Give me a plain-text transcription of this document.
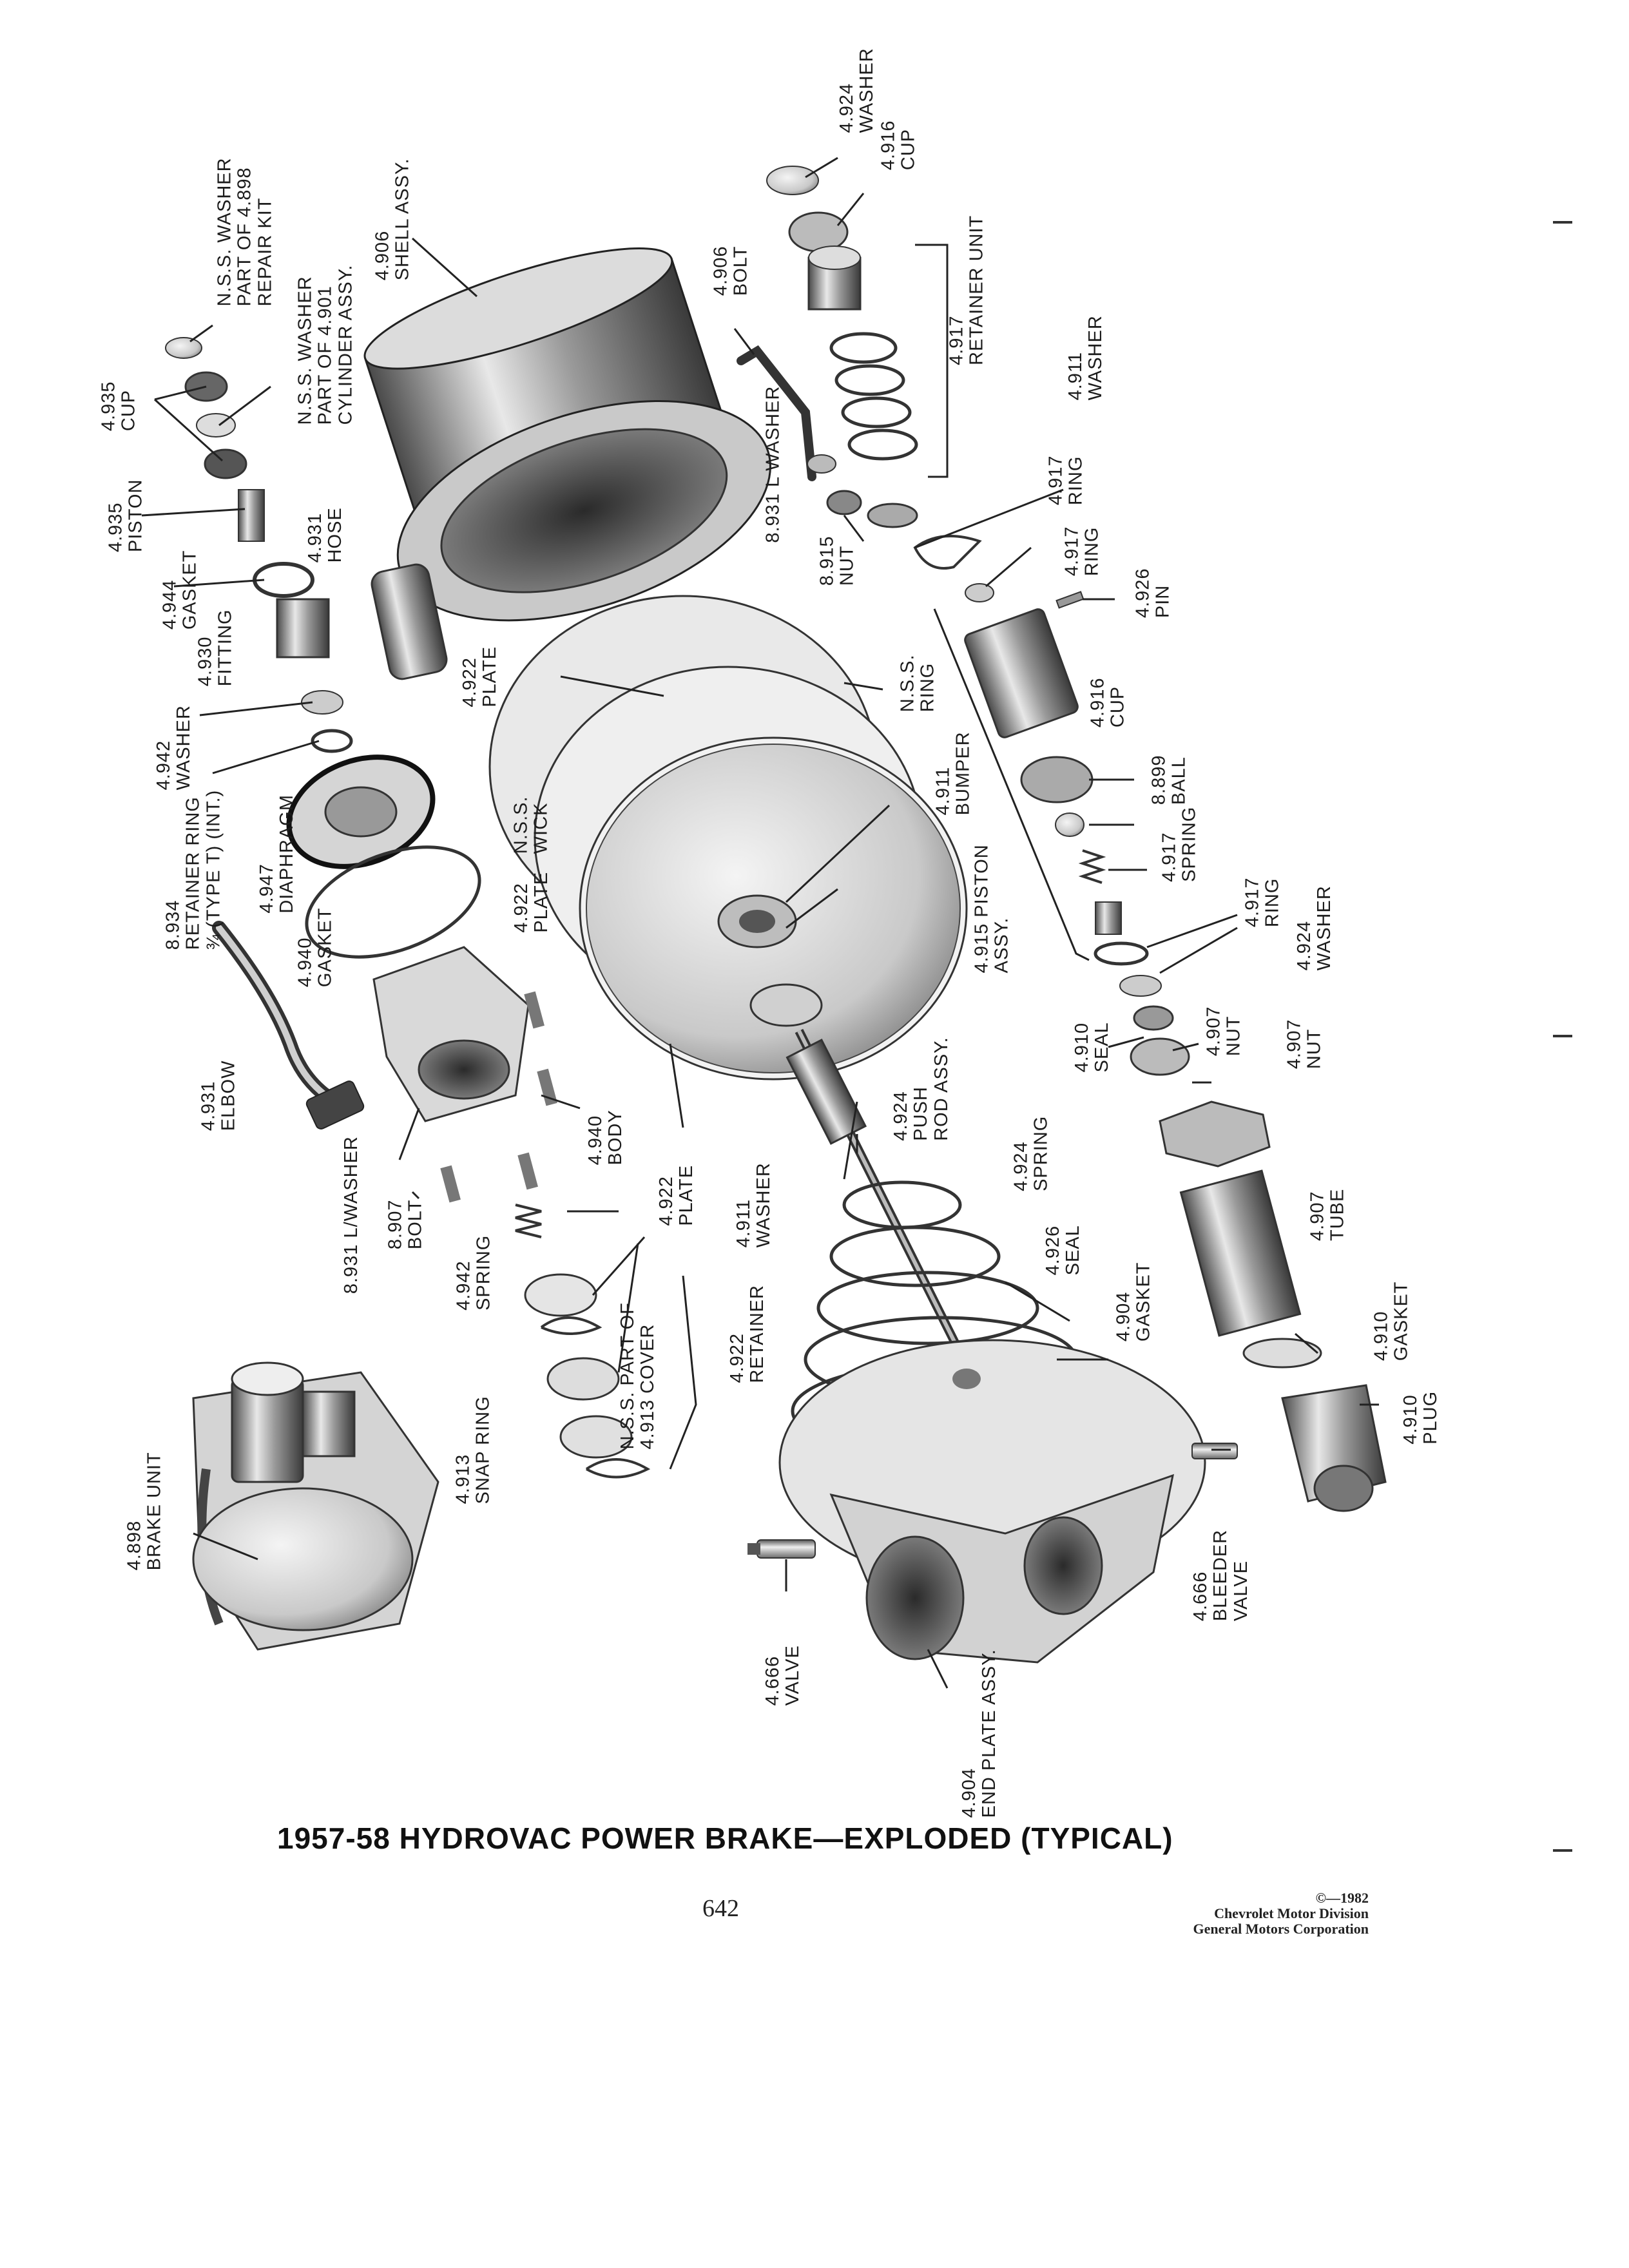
4.924
WASHER
4.916
CUP
4.917
RETAINER UNIT
4.906
BOLT
4.906
SHELL ASSY.
N.S.S. WASHER
PART OF 4.898
REPAIR KIT
N.S.S. WASHER
PART OF 4.901
CYLINDER ASSY.
4.935
CUP
4.935
PISTON
4.944
GASKET
4.930
FITTING
4.931
HOSE	8.931 L WASHER
8.915
NUT
4.911
WASHER
4.917
RING
4.917
RING
4.926
PIN
4.922
PLATE	N.S.S.
RING
4.942
WASHER
8.934
RETAINER RING
¾ (TYPE T) (INT.)
4.947
DIAPHRAGM	N.S.S.
WICK
4.922
PLATE
4.911
BUMPER
4.916
CUP
8.899
BALL
4.917
SPRING
4.915 PISTON
ASSY.
4.940
GASKET
4.917
RING
4.924
WASHER
4.931
ELBOW
4.910
SEAL	4.907
NUT 4.907
NUT
4.924
PUSH
ROD ASSY.
4.940
BODY
8.931 L/WASHER 8.907
BOLT	4.922
PLATE 4.911
WASHER	4.924
SPRING
4.907
TUBE
4.926
SEAL
4.942
SPRING
4.904
GASKET
N.S.S. PART OF
4.913 COVER	4.922
RETAINER	4.910
GASKET
4.913
SNAP RING	4.910
PLUG
4.898
BRAKE UNIT
4.666
BLEEDER
VALVE
4.666
VALVE
4.904
END PLATE ASSY.
1957-58 HYDROVAC POWER BRAKE—EXPLODED (TYPICAL)
642	©—1982
Chevrolet Motor Division
General Motors Corporation
